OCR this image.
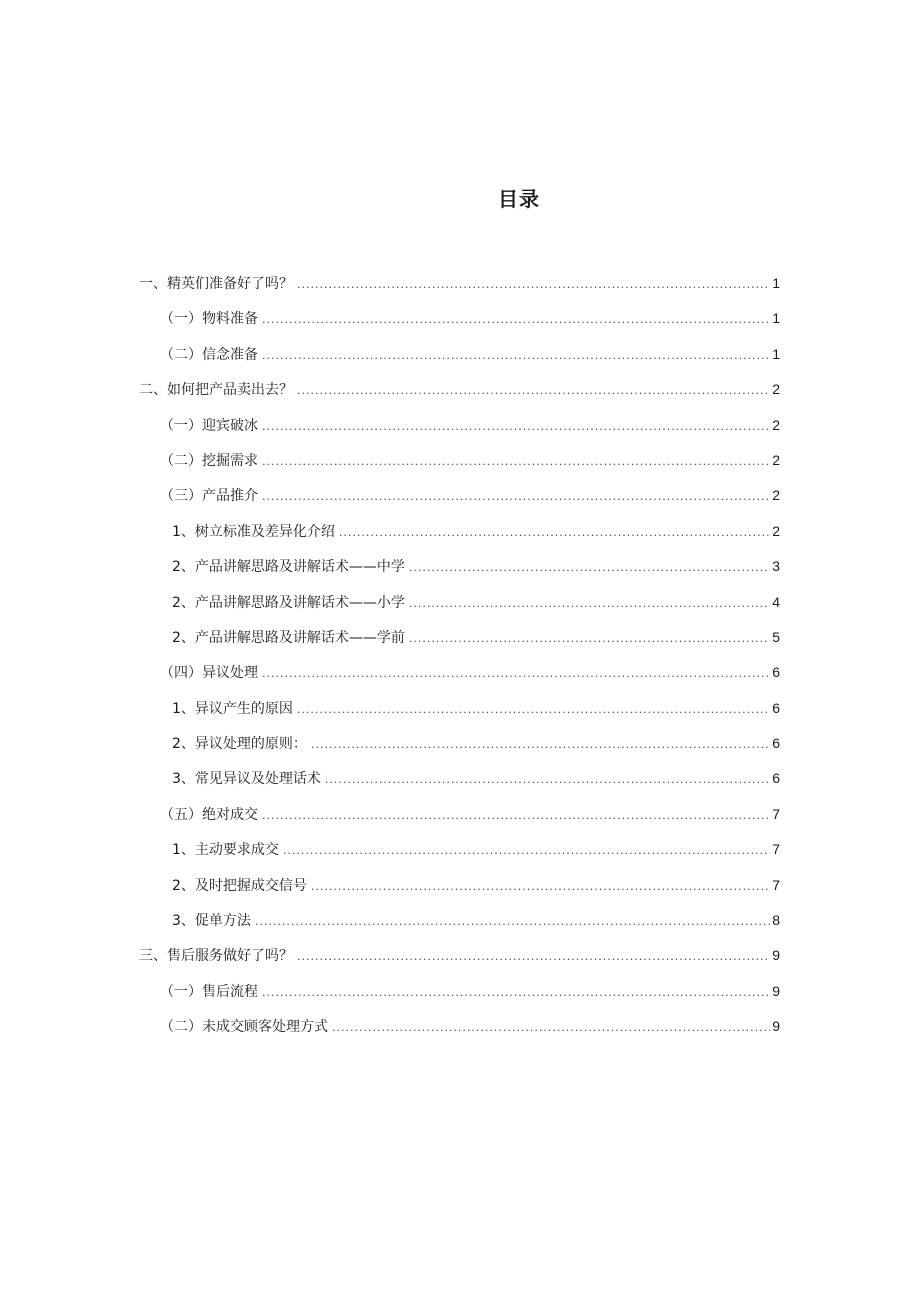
目录
一、精英们准备好了吗？ .....	1
（一）物料准备 .....	1
（二）信念准备 .....	1
二、如何把产品卖出去？ .....	2
（一）迎宾破冰 .....	2
（二）挖掘需求 .....	2
（三）产品推介 .....	2
1、树立标准及差异化介绍 .....	2
2、产品讲解思路及讲解话术——中学 .....	3
2、产品讲解思路及讲解话术——小学 .....	4
2、产品讲解思路及讲解话术——学前 .....	5
（四）异议处理 .....	6
1、异议产生的原因 .....	6
2、异议处理的原则： .....	6
3、常见异议及处理话术 .....	6
（五）绝对成交 .....	7
1、主动要求成交 .....	7
2、及时把握成交信号 .....	7
3、促单方法 .....	8
三、售后服务做好了吗？ .....	9
（一）售后流程 .....	9
（二）未成交顾客处理方式 .....	9
